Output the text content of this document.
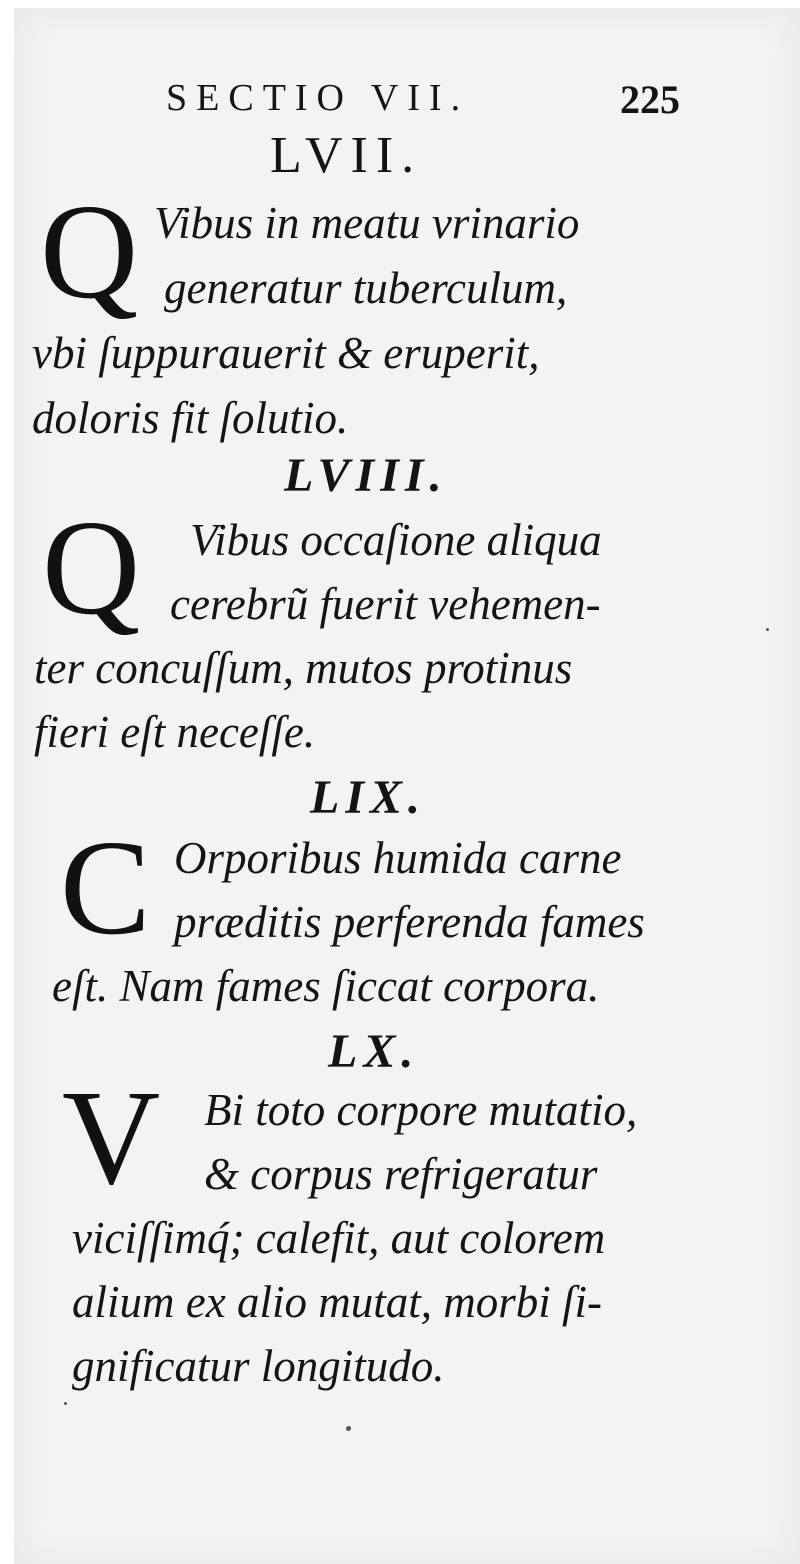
SECTIO VII.	225
LVII.
Q Vibus in meatu vrinario
generatur tuberculum,
vbi ſuppurauerit & eruperit,
doloris fit ſolutio.
LVIII.
Q Vibus occaſione aliqua
cerebrũ fuerit vehemen-
ter concuſſum, mutos protinus
fieri eſt neceſſe.
LIX.
C Orporibus humida carne
præditis perferenda fames
eſt. Nam fames ſiccat corpora.
LX.
V Bi toto corpore mutatio,
& corpus refrigeratur
viciſſimq́; calefit, aut colorem
alium ex alio mutat, morbi ſi-
gnificatur longitudo.
